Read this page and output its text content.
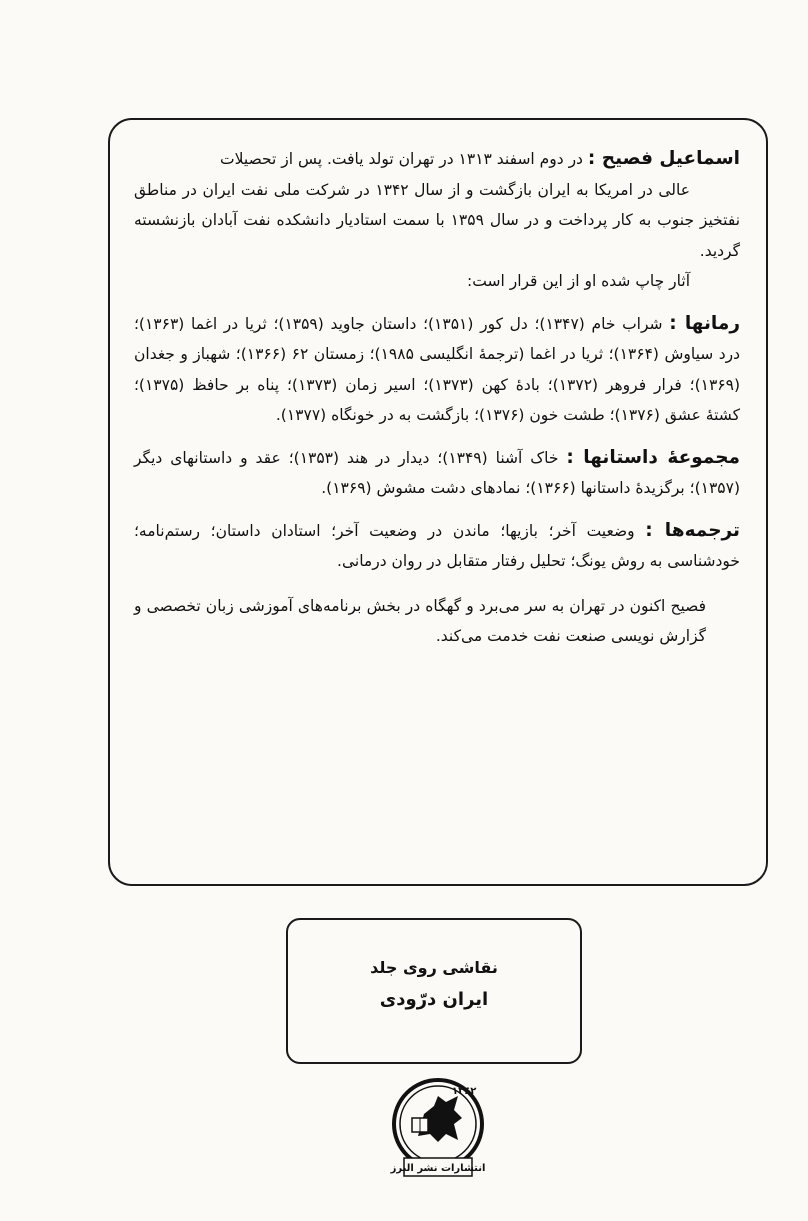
اسماعیل فصیح : در دوم اسفند ۱۳۱۳ در تهران تولد یافت. پس از تحصیلات
عالی در امریکا به ایران بازگشت و از سال ۱۳۴۲ در شرکت ملی نفت ایران در مناطق نفتخیز جنوب به کار پرداخت و در سال ۱۳۵۹ با سمت استادیار دانشکده نفت آبادان بازنشسته گردید.
آثار چاپ شده او از این قرار است:

رمانها : شراب خام (۱۳۴۷)؛ دل کور (۱۳۵۱)؛ داستان جاوید (۱۳۵۹)؛ ثریا در اغما (۱۳۶۳)؛ درد سیاوش (۱۳۶۴)؛ ثریا در اغما (ترجمهٔ انگلیسی ۱۹۸۵)؛ زمستان ۶۲ (۱۳۶۶)؛ شهباز و جغدان (۱۳۶۹)؛ فرار فروهر (۱۳۷۲)؛ بادهٔ کهن (۱۳۷۳)؛ اسیر زمان (۱۳۷۳)؛ پناه بر حافظ (۱۳۷۵)؛ کشتهٔ عشق (۱۳۷۶)؛ طشت خون (۱۳۷۶)؛ بازگشت به در خونگاه (۱۳۷۷).

مجموعهٔ داستانها : خاک آشنا (۱۳۴۹)؛ دیدار در هند (۱۳۵۳)؛ عقد و داستانهای دیگر (۱۳۵۷)؛ برگزیدهٔ داستانها (۱۳۶۶)؛ نمادهای دشت مشوش (۱۳۶۹).

ترجمه‌ها : وضعیت آخر؛ بازیها؛ ماندن در وضعیت آخر؛ استادان داستان؛ رستم‌نامه؛ خودشناسی به روش یونگ؛ تحلیل رفتار متقابل در روان درمانی.

فصیح اکنون در تهران به سر می‌برد و گهگاه در بخش برنامه‌های آموزشی زبان تخصصی و گزارش نویسی صنعت نفت خدمت می‌کند.

نقاشی روی جلد
ایران درّودی
۱۳۶۲
انتشارات نشر البرز
